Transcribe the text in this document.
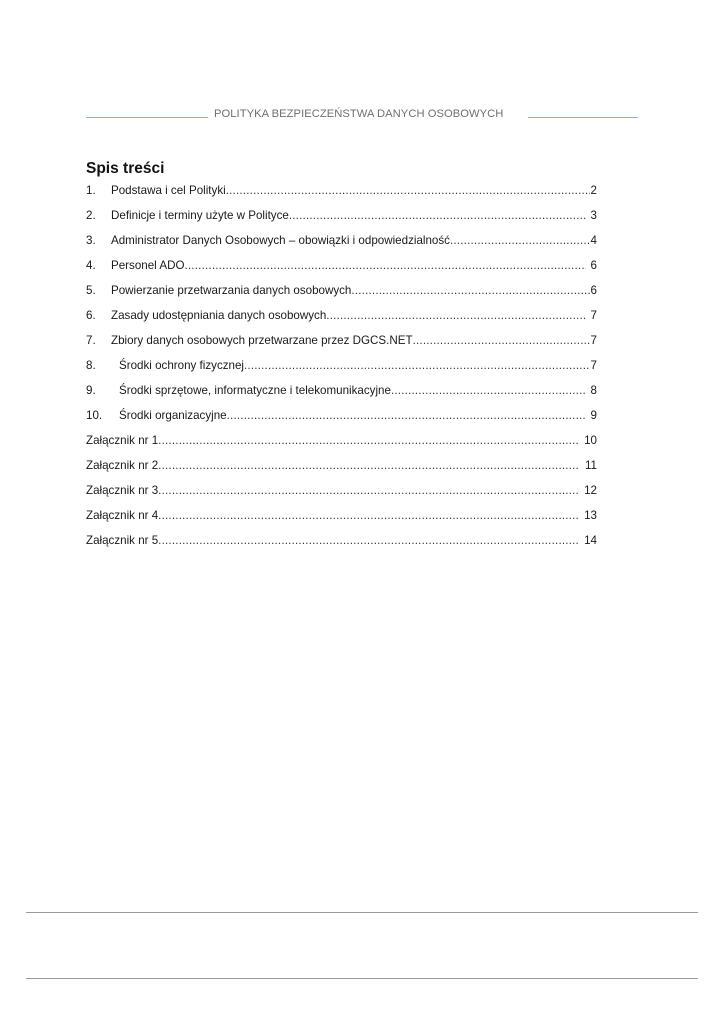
POLITYKA BEZPIECZEŃSTWA DANYCH OSOBOWYCH
Spis treści
1.	Podstawa i cel Polityki .....	2
2.	Definicje i terminy użyte w Polityce .....	3
3.	Administrator Danych Osobowych – obowiązki i odpowiedzialność .....	4
4.	Personel ADO .....	6
5.	Powierzanie przetwarzania danych osobowych .....	6
6.	Zasady udostępniania danych osobowych .....	7
7.	Zbiory danych osobowych przetwarzane przez DGCS.NET .....	7
8.	Środki ochrony fizycznej .....	7
9.	Środki sprzętowe, informatyczne i telekomunikacyjne .....	8
10.	Środki organizacyjne .....	9
Załącznik nr 1 .....	10
Załącznik nr 2 .....	11
Załącznik nr 3 .....	12
Załącznik nr 4 .....	13
Załącznik nr 5 .....	14
